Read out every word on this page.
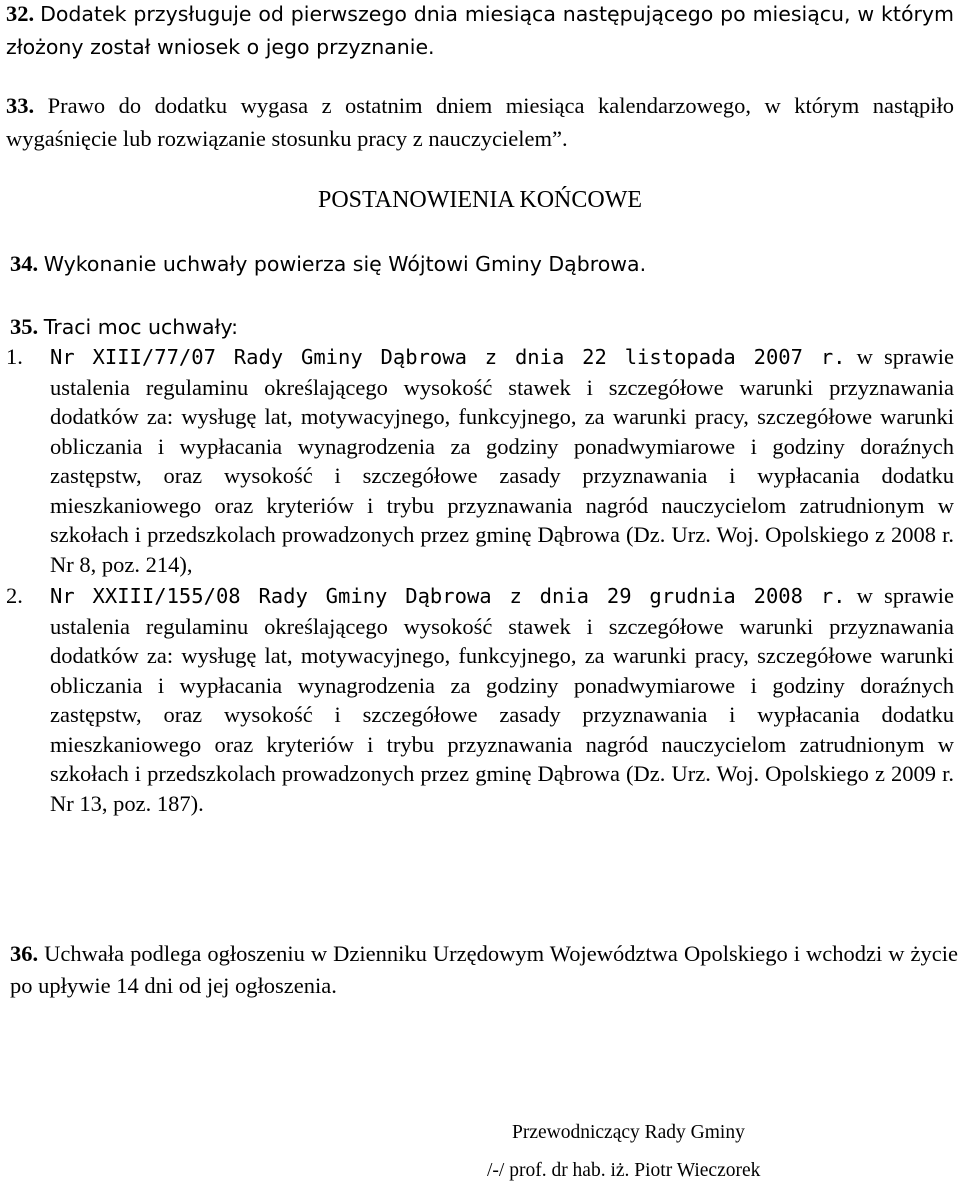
32. Dodatek przysługuje od pierwszego dnia miesiąca następującego po miesiącu, w którym złożony został wniosek o jego przyznanie.

33. Prawo do dodatku wygasa z ostatnim dniem miesiąca kalendarzowego, w którym nastąpiło wygaśnięcie lub rozwiązanie stosunku pracy z nauczycielem”.

POSTANOWIENIA KOŃCOWE

34. Wykonanie uchwały powierza się Wójtowi Gminy Dąbrowa.

35. Traci moc uchwały:

1. Nr XIII/77/07 Rady Gminy Dąbrowa z dnia 22 listopada 2007 r. w sprawie ustalenia regulaminu określającego wysokość stawek i szczegółowe warunki przyznawania dodatków za: wysługę lat, motywacyjnego, funkcyjnego, za warunki pracy, szczegółowe warunki obliczania i wypłacania wynagrodzenia za godziny ponadwymiarowe i godziny doraźnych zastępstw, oraz wysokość i szczegółowe zasady przyznawania i wypłacania dodatku mieszkaniowego oraz kryteriów i trybu przyznawania nagród nauczycielom zatrudnionym w szkołach i przedszkolach prowadzonych przez gminę Dąbrowa (Dz. Urz. Woj. Opolskiego z 2008 r. Nr 8, poz. 214),
2. Nr XXIII/155/08 Rady Gminy Dąbrowa z dnia 29 grudnia 2008 r. w sprawie ustalenia regulaminu określającego wysokość stawek i szczegółowe warunki przyznawania dodatków za: wysługę lat, motywacyjnego, funkcyjnego, za warunki pracy, szczegółowe warunki obliczania i wypłacania wynagrodzenia za godziny ponadwymiarowe i godziny doraźnych zastępstw, oraz wysokość i szczegółowe zasady przyznawania i wypłacania dodatku mieszkaniowego oraz kryteriów i trybu przyznawania nagród nauczycielom zatrudnionym w szkołach i przedszkolach prowadzonych przez gminę Dąbrowa (Dz. Urz. Woj. Opolskiego z 2009 r. Nr 13, poz. 187).

36. Uchwała podlega ogłoszeniu w Dzienniku Urzędowym Województwa Opolskiego i wchodzi w życie po upływie 14 dni od jej ogłoszenia.

Przewodniczący Rady Gminy
/-/ prof. dr hab. iż. Piotr Wieczorek
